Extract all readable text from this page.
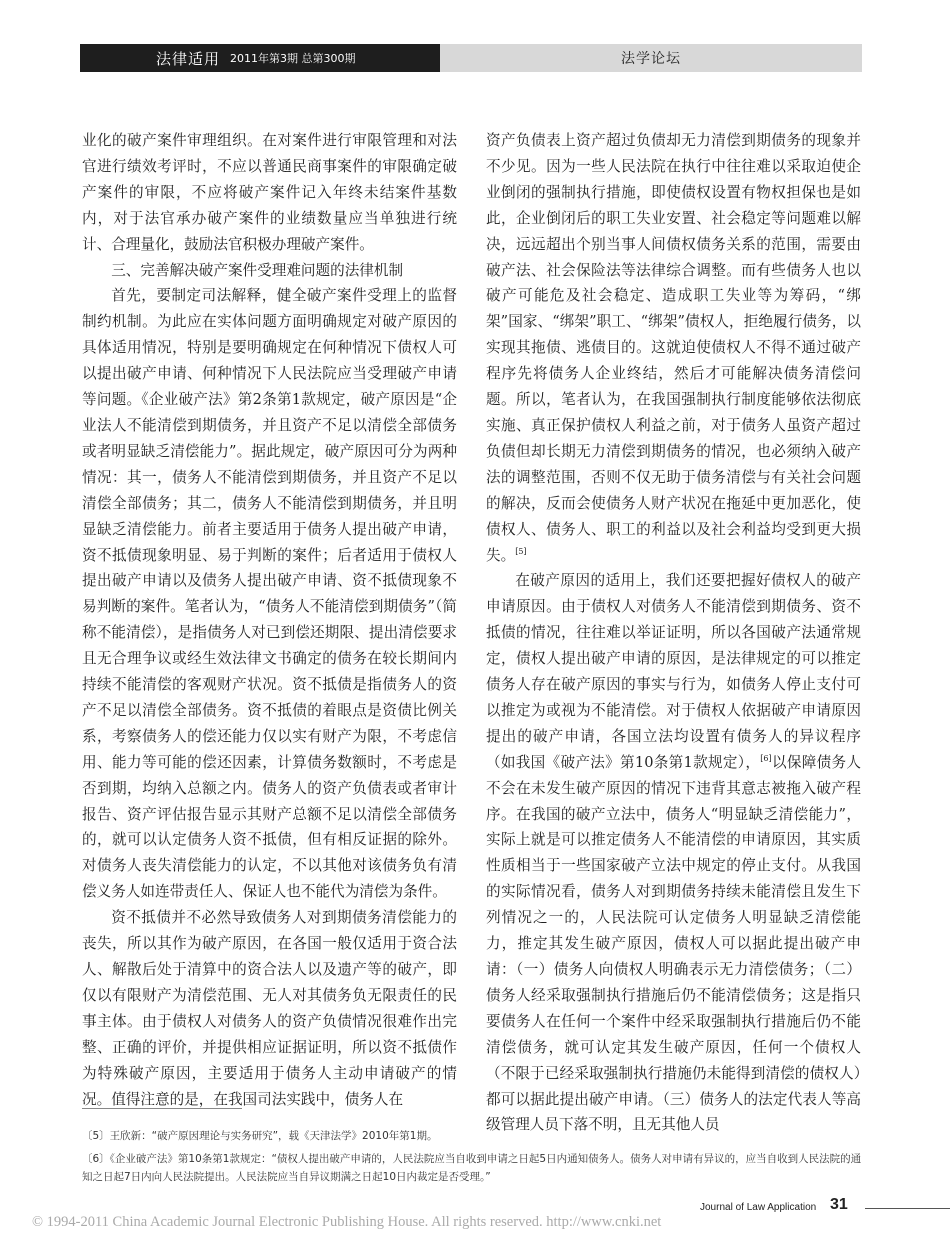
法律适用 2011年第3期 总第300期	法学论坛

业化的破产案件审理组织。在对案件进行审限管理和对法官进行绩效考评时，不应以普通民商事案件的审限确定破产案件的审限，不应将破产案件记入年终未结案件基数内，对于法官承办破产案件的业绩数量应当单独进行统计、合理量化，鼓励法官积极办理破产案件。

三、完善解决破产案件受理难问题的法律机制

首先，要制定司法解释，健全破产案件受理上的监督制约机制。为此应在实体问题方面明确规定对破产原因的具体适用情况，特别是要明确规定在何种情况下债权人可以提出破产申请、何种情况下人民法院应当受理破产申请等问题。《企业破产法》第2条第1款规定，破产原因是“企业法人不能清偿到期债务，并且资产不足以清偿全部债务或者明显缺乏清偿能力”。据此规定，破产原因可分为两种情况：其一，债务人不能清偿到期债务，并且资产不足以清偿全部债务；其二，债务人不能清偿到期债务，并且明显缺乏清偿能力。前者主要适用于债务人提出破产申请，资不抵债现象明显、易于判断的案件；后者适用于债权人提出破产申请以及债务人提出破产申请、资不抵债现象不易判断的案件。笔者认为，“债务人不能清偿到期债务”（简称不能清偿），是指债务人对已到偿还期限、提出清偿要求且无合理争议或经生效法律文书确定的债务在较长期间内持续不能清偿的客观财产状况。资不抵债是指债务人的资产不足以清偿全部债务。资不抵债的着眼点是资债比例关系，考察债务人的偿还能力仅以实有财产为限，不考虑信用、能力等可能的偿还因素，计算债务数额时，不考虑是否到期，均纳入总额之内。债务人的资产负债表或者审计报告、资产评估报告显示其财产总额不足以清偿全部债务的，就可以认定债务人资不抵债，但有相反证据的除外。对债务人丧失清偿能力的认定，不以其他对该债务负有清偿义务人如连带责任人、保证人也不能代为清偿为条件。

资不抵债并不必然导致债务人对到期债务清偿能力的丧失，所以其作为破产原因，在各国一般仅适用于资合法人、解散后处于清算中的资合法人以及遗产等的破产，即仅以有限财产为清偿范围、无人对其债务负无限责任的民事主体。由于债权人对债务人的资产负债情况很难作出完整、正确的评价，并提供相应证据证明，所以资不抵债作为特殊破产原因，主要适用于债务人主动申请破产的情况。值得注意的是，在我国司法实践中，债务人在

资产负债表上资产超过负债却无力清偿到期债务的现象并不少见。因为一些人民法院在执行中往往难以采取迫使企业倒闭的强制执行措施，即使债权设置有物权担保也是如此，企业倒闭后的职工失业安置、社会稳定等问题难以解决，远远超出个别当事人间债权债务关系的范围，需要由破产法、社会保险法等法律综合调整。而有些债务人也以破产可能危及社会稳定、造成职工失业等为筹码，“绑架”国家、“绑架”职工、“绑架”债权人，拒绝履行债务，以实现其拖债、逃债目的。这就迫使债权人不得不通过破产程序先将债务人企业终结，然后才可能解决债务清偿问题。所以，笔者认为，在我国强制执行制度能够依法彻底实施、真正保护债权人利益之前，对于债务人虽资产超过负债但却长期无力清偿到期债务的情况，也必须纳入破产法的调整范围，否则不仅无助于债务清偿与有关社会问题的解决，反而会使债务人财产状况在拖延中更加恶化，使债权人、债务人、职工的利益以及社会利益均受到更大损失。[5]

在破产原因的适用上，我们还要把握好债权人的破产申请原因。由于债权人对债务人不能清偿到期债务、资不抵债的情况，往往难以举证证明，所以各国破产法通常规定，债权人提出破产申请的原因，是法律规定的可以推定债务人存在破产原因的事实与行为，如债务人停止支付可以推定为或视为不能清偿。对于债权人依据破产申请原因提出的破产申请，各国立法均设置有债务人的异议程序（如我国《破产法》第10条第1款规定），[6]以保障债务人不会在未发生破产原因的情况下违背其意志被拖入破产程序。在我国的破产立法中，债务人“明显缺乏清偿能力”，实际上就是可以推定债务人不能清偿的申请原因，其实质性质相当于一些国家破产立法中规定的停止支付。从我国的实际情况看，债务人对到期债务持续未能清偿且发生下列情况之一的，人民法院可认定债务人明显缺乏清偿能力，推定其发生破产原因，债权人可以据此提出破产申请：（一）债务人向债权人明确表示无力清偿债务；（二）债务人经采取强制执行措施后仍不能清偿债务；这是指只要债务人在任何一个案件中经采取强制执行措施后仍不能清偿债务，就可认定其发生破产原因，任何一个债权人（不限于已经采取强制执行措施仍未能得到清偿的债权人）都可以据此提出破产申请。（三）债务人的法定代表人等高级管理人员下落不明，且无其他人员

〔5〕王欣新：“破产原因理论与实务研究”，载《天津法学》2010年第1期。
〔6〕《企业破产法》第10条第1款规定：“债权人提出破产申请的，人民法院应当自收到申请之日起5日内通知债务人。债务人对申请有异议的，应当自收到人民法院的通知之日起7日内向人民法院提出。人民法院应当自异议期满之日起10日内裁定是否受理。”
Journal of Law Application 31
© 1994-2011 China Academic Journal Electronic Publishing House. All rights reserved. http://www.cnki.net
